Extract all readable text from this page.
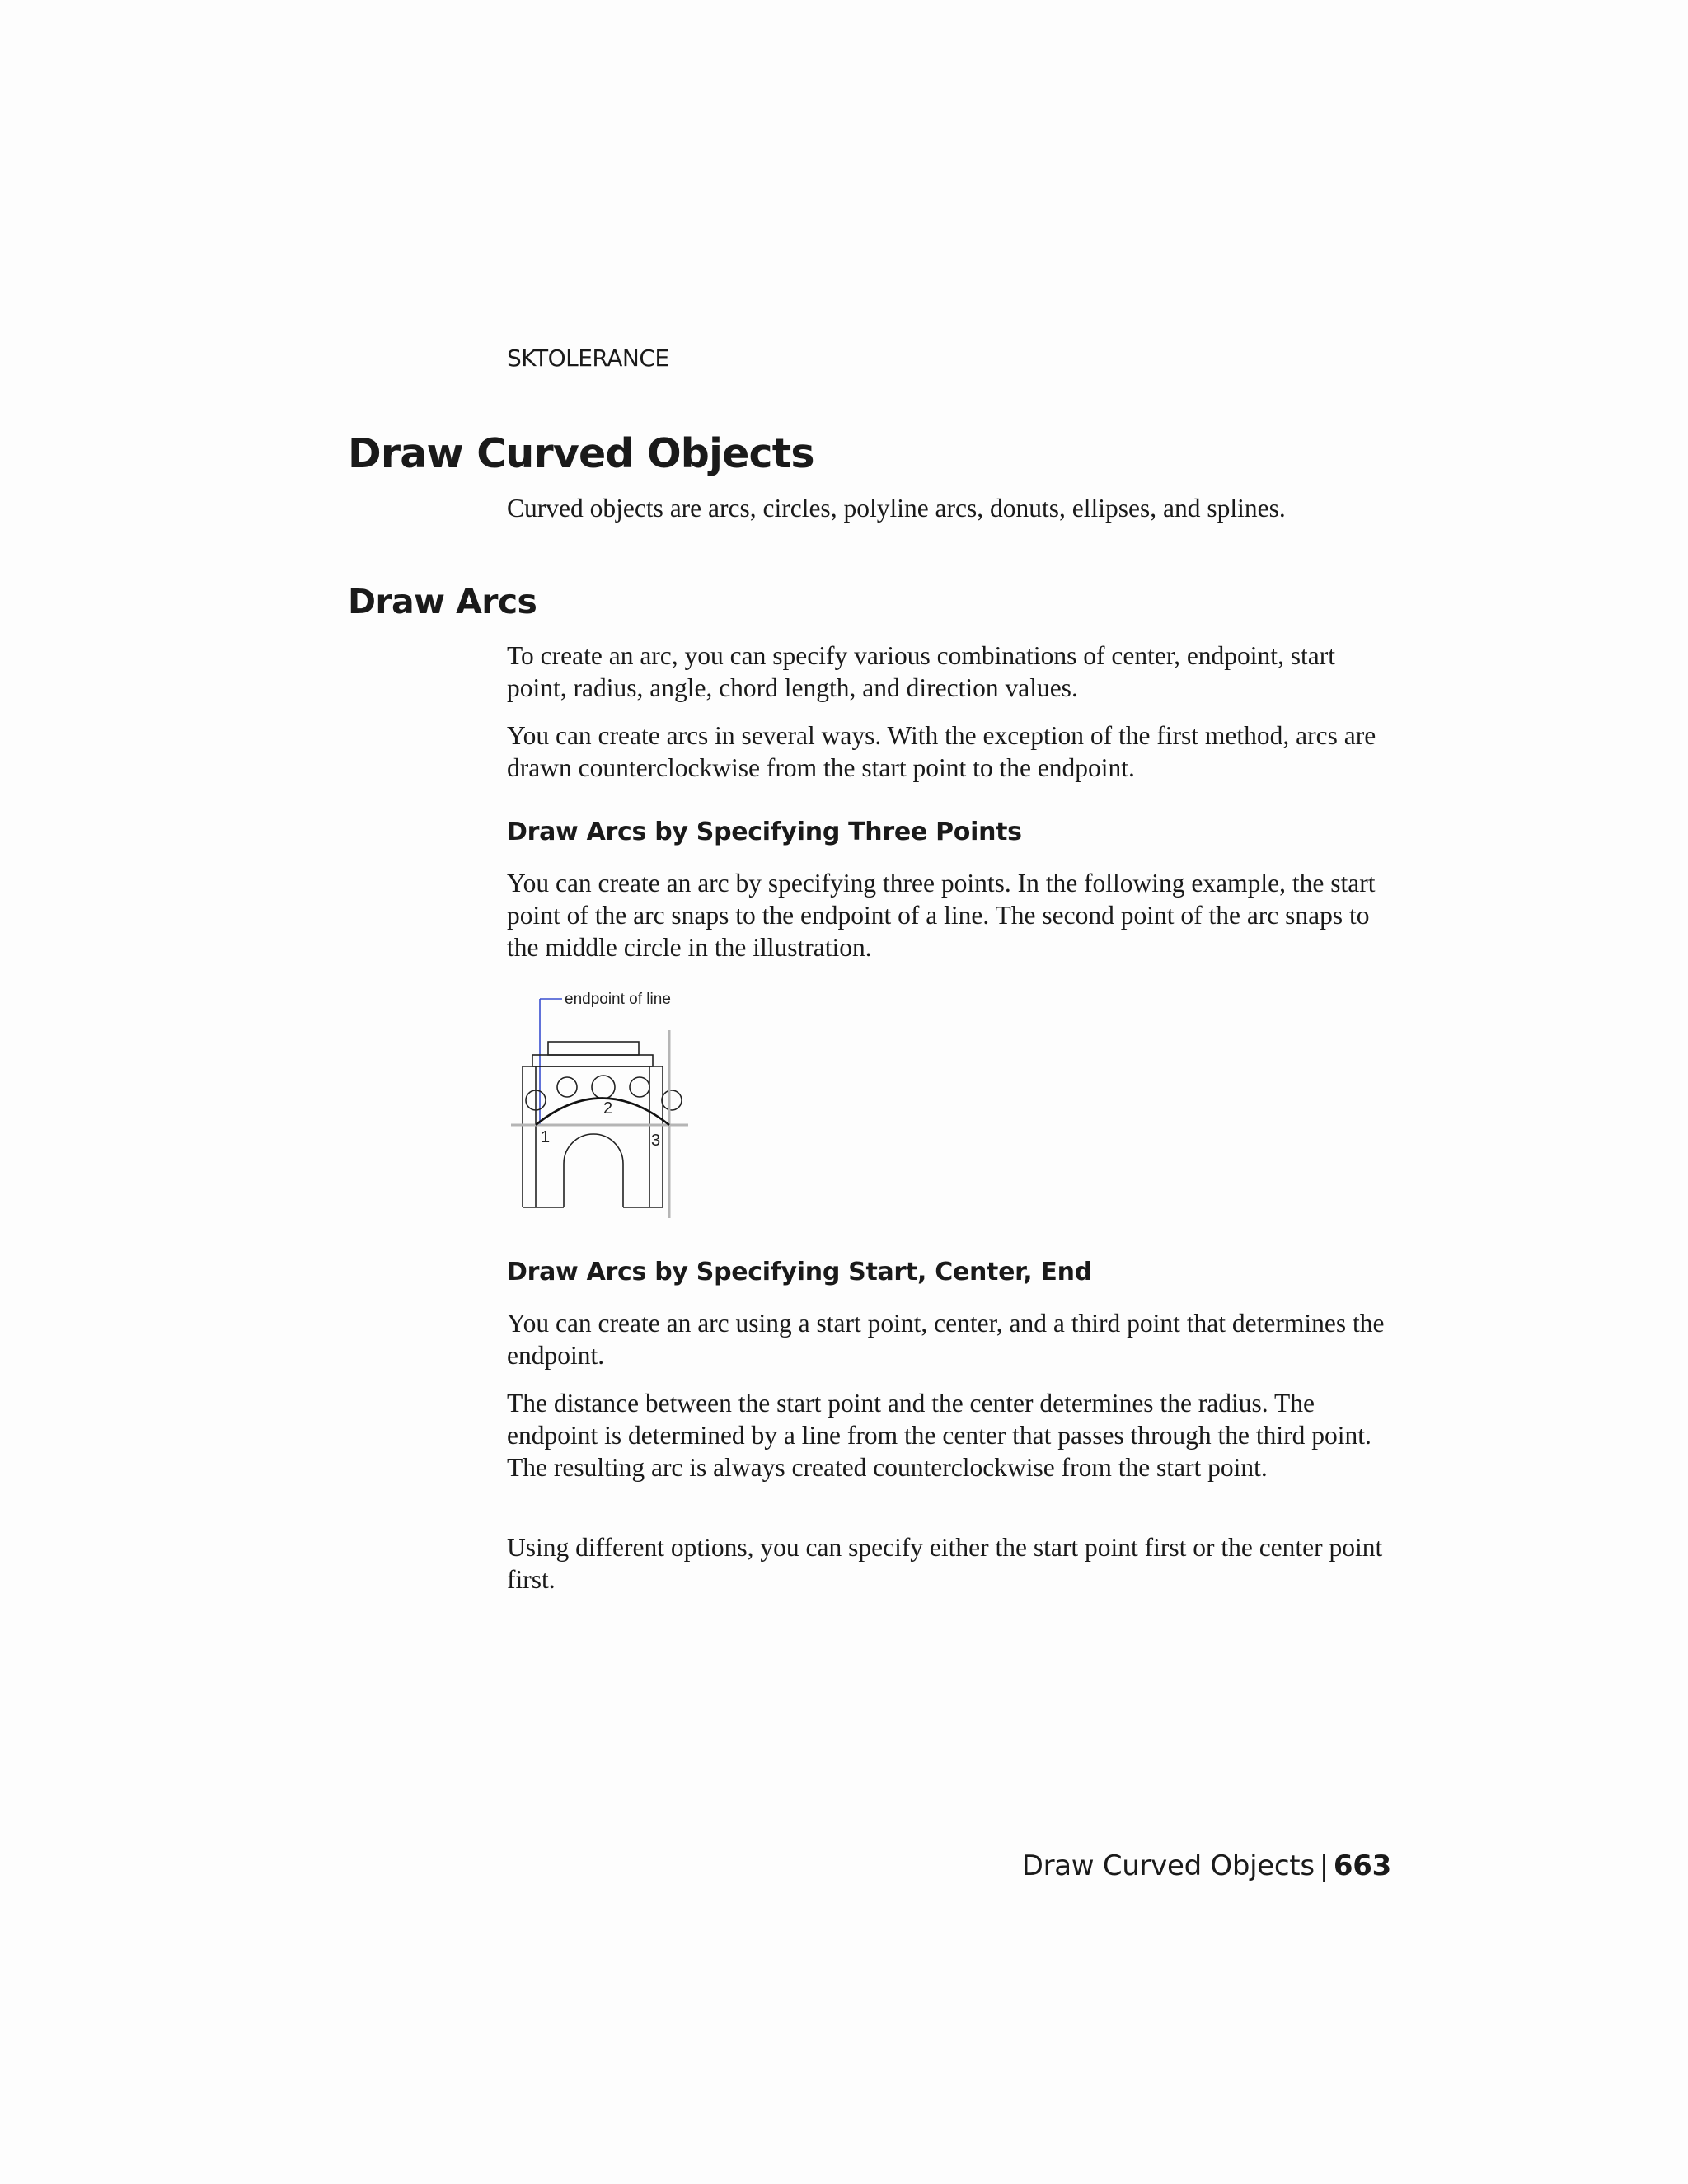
SKTOLERANCE
Draw Curved Objects

Curved objects are arcs, circles, polyline arcs, donuts, ellipses, and splines.

Draw Arcs

To create an arc, you can specify various combinations of center, endpoint, start point, radius, angle, chord length, and direction values.

You can create arcs in several ways. With the exception of the first method, arcs are drawn counterclockwise from the start point to the endpoint.

Draw Arcs by Specifying Three Points

You can create an arc by specifying three points. In the following example, the start point of the arc snaps to the endpoint of a line. The second point of the arc snaps to the middle circle in the illustration.

endpoint of line
1
2
3
Draw Arcs by Specifying Start, Center, End

You can create an arc using a start point, center, and a third point that determines the endpoint.

The distance between the start point and the center determines the radius. The endpoint is determined by a line from the center that passes through the third point. The resulting arc is always created counterclockwise from the start point.

Using different options, you can specify either the start point first or the center point first.

Draw Curved Objects | 663
